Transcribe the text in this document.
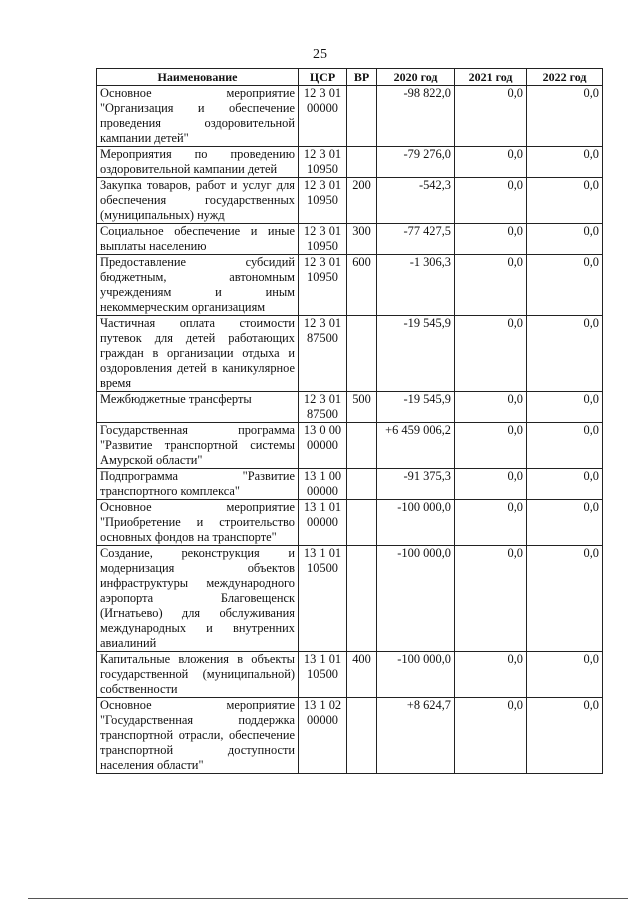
25
Наименование	ЦСР	ВР	2020 год	2021 год	2022 год
Основное мероприятие "Организация и обеспечение проведения оздоровительной кампании детей"	12 3 01 00000		-98 822,0	0,0	0,0
Мероприятия по проведению оздоровительной кампании детей	12 3 01 10950		-79 276,0	0,0	0,0
Закупка товаров, работ и услуг для обеспечения государственных (муниципальных) нужд	12 3 01 10950	200	-542,3	0,0	0,0
Социальное обеспечение и иные выплаты населению	12 3 01 10950	300	-77 427,5	0,0	0,0
Предоставление субсидий бюджетным, автономным учреждениям и иным некоммерческим организациям	12 3 01 10950	600	-1 306,3	0,0	0,0
Частичная оплата стоимости путевок для детей работающих граждан в организации отдыха и оздоровления детей в каникулярное время	12 3 01 87500		-19 545,9	0,0	0,0
Межбюджетные трансферты	12 3 01 87500	500	-19 545,9	0,0	0,0
Государственная программа "Развитие транспортной системы Амурской области"	13 0 00 00000		+6 459 006,2	0,0	0,0
Подпрограмма "Развитие транспортного комплекса"	13 1 00 00000		-91 375,3	0,0	0,0
Основное мероприятие "Приобретение и строительство основных фондов на транспорте"	13 1 01 00000		-100 000,0	0,0	0,0
Создание, реконструкция и модернизация объектов инфраструктуры международного аэропорта Благовещенск (Игнатьево) для обслуживания международных и внутренних авиалиний	13 1 01 10500		-100 000,0	0,0	0,0
Капитальные вложения в объекты государственной (муниципальной) собственности	13 1 01 10500	400	-100 000,0	0,0	0,0
Основное мероприятие "Государственная поддержка транспортной отрасли, обеспечение транспортной доступности населения области"	13 1 02 00000		+8 624,7	0,0	0,0
